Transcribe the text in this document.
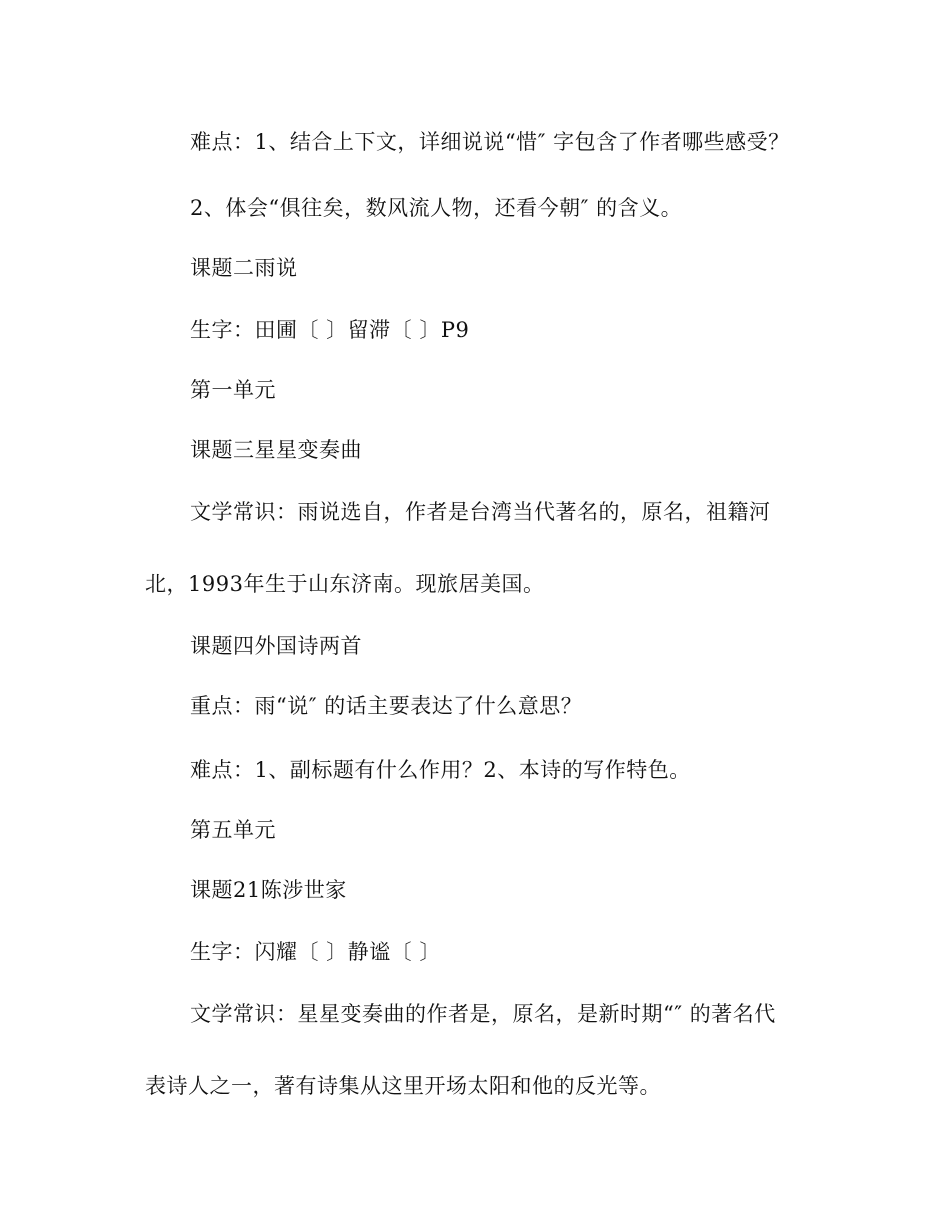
难点：1、结合上下文，详细说说“惜″ 字包含了作者哪些感受？
2、体会“俱往矣，数风流人物，还看今朝″ 的含义。
课题二雨说
生字：田圃〔 〕留滞〔 〕P9
第一单元
课题三星星变奏曲
文学常识：雨说选自，作者是台湾当代著名的，原名，祖籍河
北，1993年生于山东济南。现旅居美国。
课题四外国诗两首
重点：雨“说″ 的话主要表达了什么意思？
难点：1、副标题有什么作用？2、本诗的写作特色。
第五单元
课题21陈涉世家
生字：闪耀〔 〕静谧〔 〕
文学常识：星星变奏曲的作者是，原名，是新时期“″ 的著名代
表诗人之一，著有诗集从这里开场太阳和他的反光等。
